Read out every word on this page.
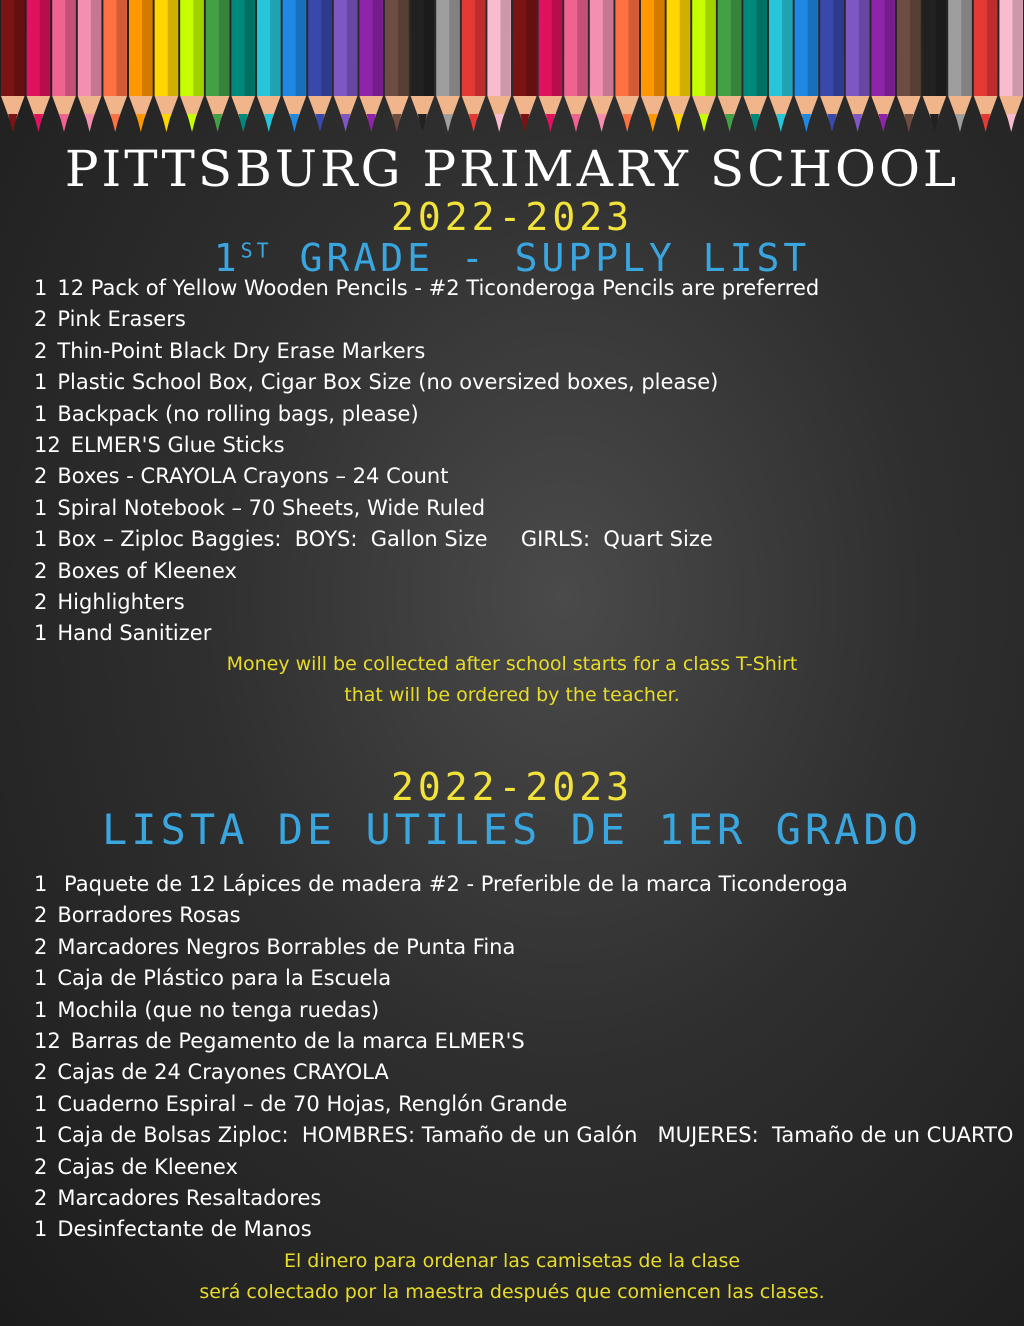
PITTSBURG PRIMARY SCHOOL
2022-2023
1ST GRADE - SUPPLY LIST
1 12 Pack of Yellow Wooden Pencils - #2 Ticonderoga Pencils are preferred
2 Pink Erasers
2 Thin-Point Black Dry Erase Markers
1 Plastic School Box, Cigar Box Size (no oversized boxes, please)
1 Backpack (no rolling bags, please)
12 ELMER'S Glue Sticks
2 Boxes - CRAYOLA Crayons – 24 Count
1 Spiral Notebook – 70 Sheets, Wide Ruled
1 Box – Ziploc Baggies:  BOYS:  Gallon Size     GIRLS:  Quart Size
2 Boxes of Kleenex
2 Highlighters
1 Hand Sanitizer
Money will be collected after school starts for a class T-Shirt
that will be ordered by the teacher.
2022-2023
LISTA DE UTILES DE 1ER GRADO
1 Paquete de 12 Lápices de madera #2 - Preferible de la marca Ticonderoga
2 Borradores Rosas
2 Marcadores Negros Borrables de Punta Fina
1 Caja de Plástico para la Escuela
1 Mochila (que no tenga ruedas)
12 Barras de Pegamento de la marca ELMER'S
2 Cajas de 24 Crayones CRAYOLA
1 Cuaderno Espiral – de 70 Hojas, Renglón Grande
1 Caja de Bolsas Ziploc:  HOMBRES: Tamaño de un Galón   MUJERES:  Tamaño de un CUARTO
2 Cajas de Kleenex
2 Marcadores Resaltadores
1 Desinfectante de Manos
El dinero para ordenar las camisetas de la clase
será colectado por la maestra después que comiencen las clases.
